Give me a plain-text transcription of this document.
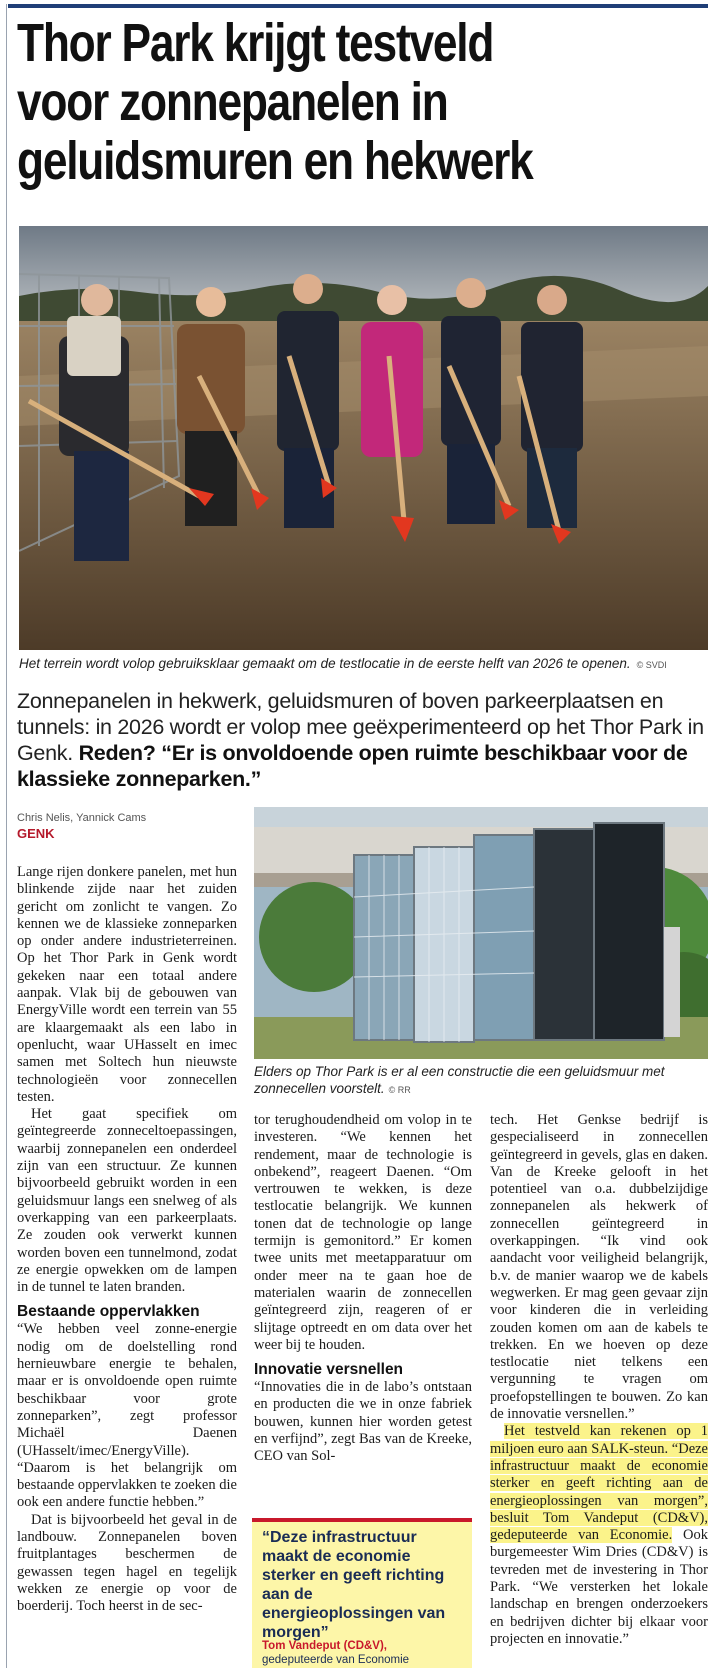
Thor Park krijgt testveld
voor zonnepanelen in
geluidsmuren en hekwerk
Het terrein wordt volop gebruiksklaar gemaakt om de testlocatie in de eerste helft van 2026 te openen. © SVDI
Zonnepanelen in hekwerk, geluidsmuren of boven parkeerplaatsen en tunnels: in 2026 wordt er volop mee geëxperimenteerd op het Thor Park in Genk. Reden? “Er is onvoldoende open ruimte beschikbaar voor de klassieke zonneparken.”
Chris Nelis, Yannick Cams
GENK
Elders op Thor Park is er al een constructie die een geluidsmuur met zonnecellen voorstelt. © RR

Lange rijen donkere panelen, met hun blinkende zijde naar het zuiden gericht om zonlicht te vangen. Zo kennen we de klassieke zonneparken op onder andere industrieterreinen. Op het Thor Park in Genk wordt gekeken naar een totaal andere aanpak. Vlak bij de gebouwen van EnergyVille wordt een terrein van 55 are klaargemaakt als een labo in openlucht, waar UHasselt en imec samen met Soltech hun nieuwste technologieën voor zonnecellen testen.

Het gaat specifiek om geïntegreerde zonneceltoepassingen, waarbij zonnepanelen een onderdeel zijn van een structuur. Ze kunnen bijvoorbeeld gebruikt worden in een geluidsmuur langs een snelweg of als overkapping van een parkeerplaats. Ze zouden ook verwerkt kunnen worden boven een tunnelmond, zodat ze energie opwekken om de lampen in de tunnel te laten branden.

Bestaande oppervlakken

“We hebben veel zonne-energie nodig om de doelstelling rond hernieuwbare energie te behalen, maar er is onvoldoende open ruimte beschikbaar voor grote zonneparken”, zegt professor Michaël Daenen (UHasselt/imec/EnergyVille). “Daarom is het belangrijk om bestaande oppervlakken te zoeken die ook een andere functie hebben.”

Dat is bijvoorbeeld het geval in de landbouw. Zonnepanelen boven fruitplantages beschermen de gewassen tegen hagel en tegelijk wekken ze energie op voor de boerderij. Toch heerst in de sec-

tor terughoudendheid om volop in te investeren. “We kennen het rendement, maar de technologie is onbekend”, reageert Daenen. “Om vertrouwen te wekken, is deze testlocatie belangrijk. We kunnen tonen dat de technologie op lange termijn is gemonitord.” Er komen twee units met meetapparatuur om onder meer na te gaan hoe de materialen waarin de zonnecellen geïntegreerd zijn, reageren of er slijtage optreedt en om data over het weer bij te houden.

Innovatie versnellen

“Innovaties die in de labo’s ontstaan en producten die we in onze fabriek bouwen, kunnen hier worden getest en verfijnd”, zegt Bas van de Kreeke, CEO van Sol-

tech. Het Genkse bedrijf is gespecialiseerd in zonnecellen geïntegreerd in gevels, glas en daken. Van de Kreeke gelooft in het potentieel van o.a. dubbelzijdige zonnepanelen als hekwerk of zonnecellen geïntegreerd in overkappingen. “Ik vind ook aandacht voor veiligheid belangrijk, b.v. de manier waarop we de kabels wegwerken. Er mag geen gevaar zijn voor kinderen die in verleiding zouden komen om aan de kabels te trekken. En we hoeven op deze testlocatie niet telkens een vergunning te vragen om proefopstellingen te bouwen. Zo kan de innovatie versnellen.”

Het testveld kan rekenen op 1 miljoen euro aan SALK-steun. “Deze infrastructuur maakt de economie sterker en geeft richting aan de energieoplossingen van morgen”, besluit Tom Vandeput (CD&V), gedeputeerde van Economie. Ook burgemeester Wim Dries (CD&V) is tevreden met de investering in Thor Park. “We versterken het lokale landschap en brengen onderzoekers en bedrijven dichter bij elkaar voor projecten en innovatie.”

“Deze infrastructuur maakt de economie sterker en geeft richting aan de energieoplossingen van morgen”
Tom Vandeput (CD&V),
gedeputeerde van Economie
